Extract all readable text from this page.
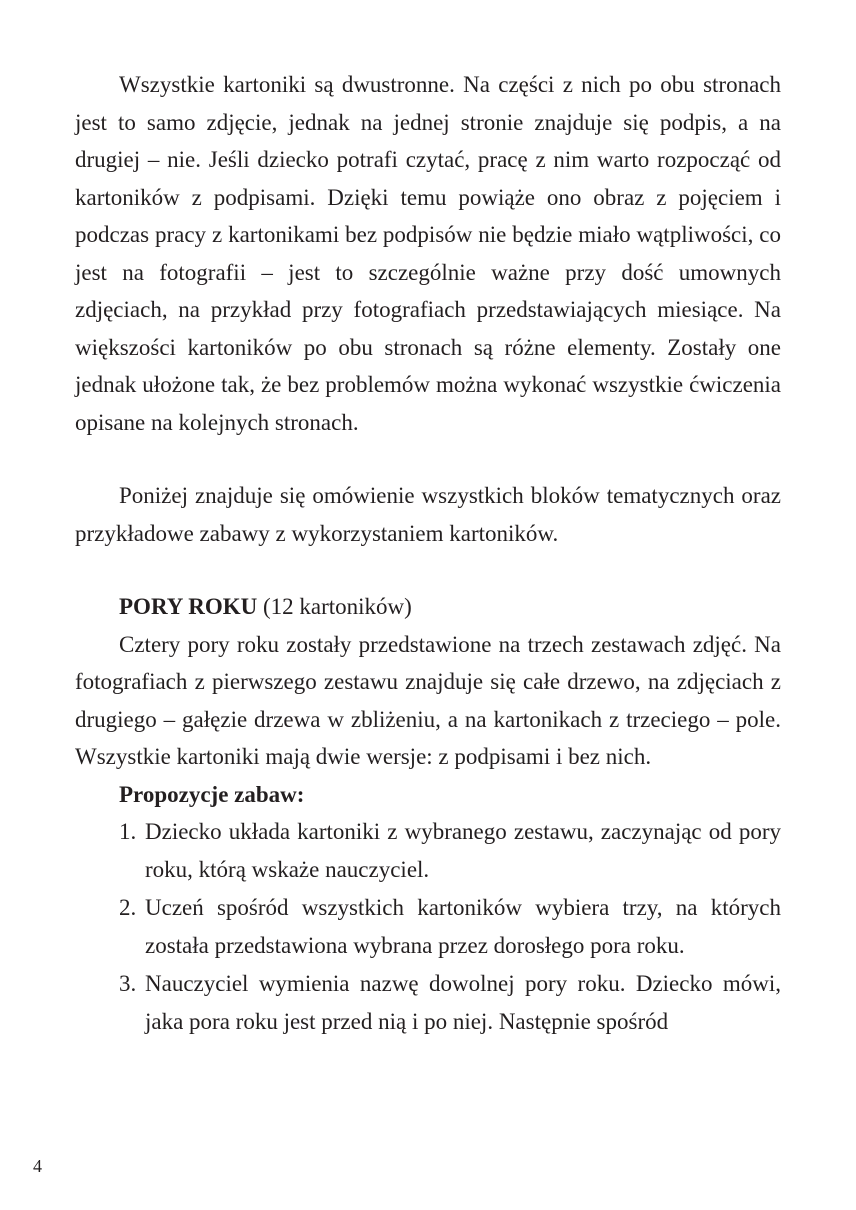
Wszystkie kartoniki są dwustronne. Na części z nich po obu stronach jest to samo zdjęcie, jednak na jednej stronie znajduje się podpis, a na drugiej – nie. Jeśli dziecko potrafi czytać, pracę z nim warto rozpocząć od kartoników z podpisami. Dzięki temu powiąże ono obraz z pojęciem i podczas pracy z kartonikami bez podpisów nie będzie miało wątpliwości, co jest na fotografii – jest to szczególnie ważne przy dość umownych zdjęciach, na przykład przy fotografiach przedstawiających miesiące. Na większości kartoników po obu stronach są różne elementy. Zostały one jednak ułożone tak, że bez problemów można wykonać wszystkie ćwiczenia opisane na kolejnych stronach.

Poniżej znajduje się omówienie wszystkich bloków tematycznych oraz przykładowe zabawy z wykorzystaniem kartoników.

PORY ROKU (12 kartoników)

Cztery pory roku zostały przedstawione na trzech zestawach zdjęć. Na fotografiach z pierwszego zestawu znajduje się całe drzewo, na zdjęciach z drugiego – gałęzie drzewa w zbliżeniu, a na kartonikach z trzeciego – pole. Wszystkie kartoniki mają dwie wersje: z podpisami i bez nich.

Propozycje zabaw:

1. Dziecko układa kartoniki z wybranego zestawu, zaczynając od pory roku, którą wskaże nauczyciel.
2. Uczeń spośród wszystkich kartoników wybiera trzy, na których została przedstawiona wybrana przez dorosłego pora roku.
3. Nauczyciel wymienia nazwę dowolnej pory roku. Dziecko mówi, jaka pora roku jest przed nią i po niej. Następnie spośród
4
